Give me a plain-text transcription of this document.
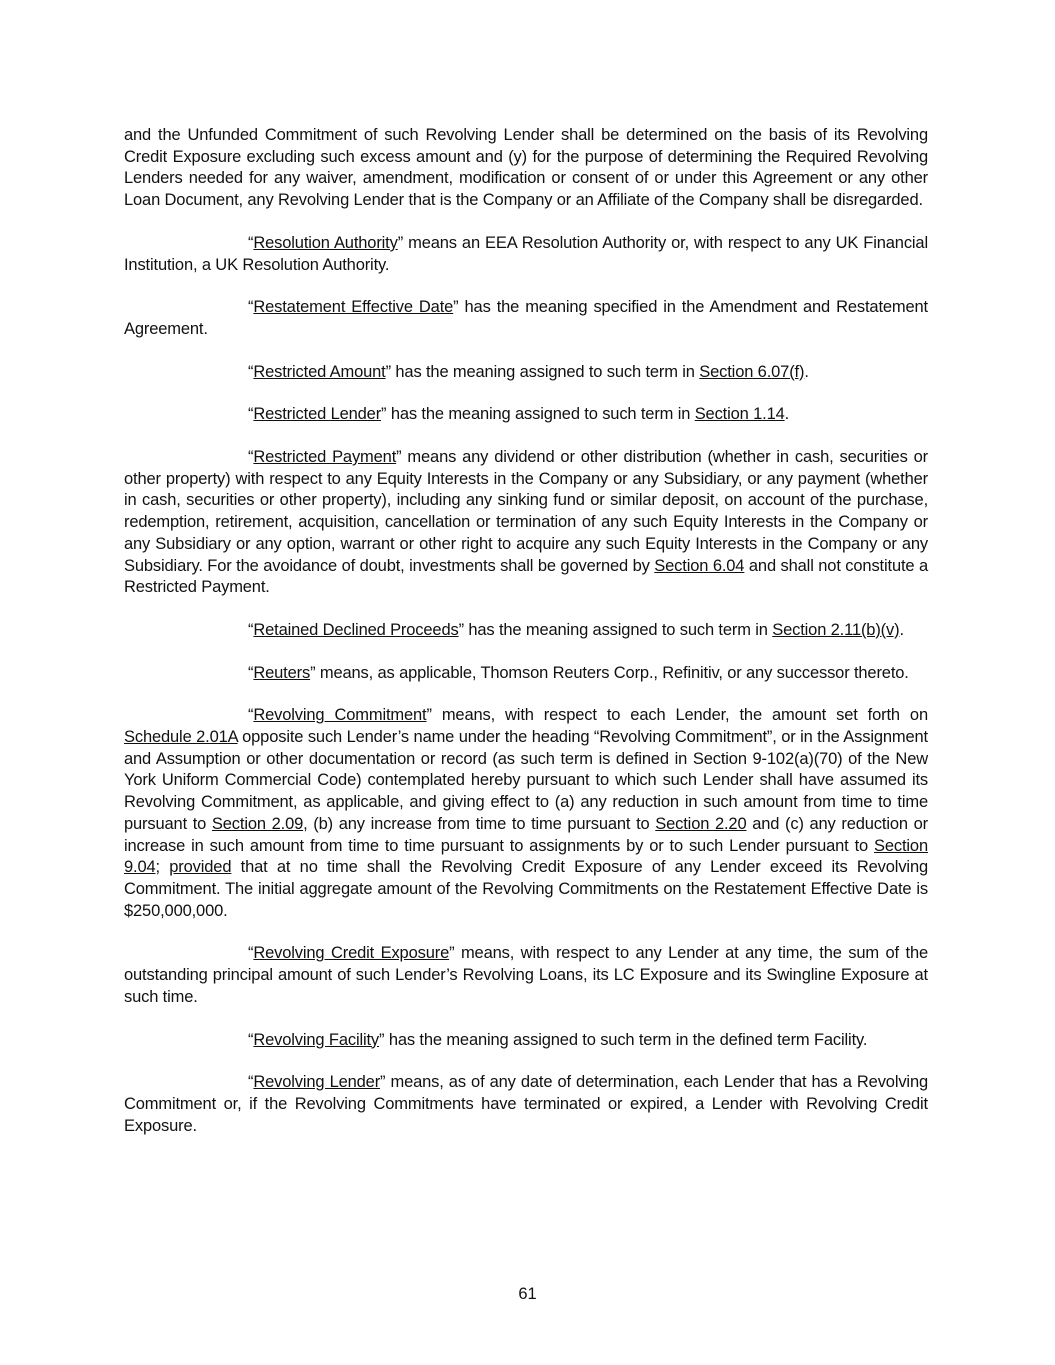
and the Unfunded Commitment of such Revolving Lender shall be determined on the basis of its Revolving Credit Exposure excluding such excess amount and (y) for the purpose of determining the Required Revolving Lenders needed for any waiver, amendment, modification or consent of or under this Agreement or any other Loan Document, any Revolving Lender that is the Company or an Affiliate of the Company shall be disregarded.

“Resolution Authority” means an EEA Resolution Authority or, with respect to any UK Financial Institution, a UK Resolution Authority.

“Restatement Effective Date” has the meaning specified in the Amendment and Restatement Agreement.

“Restricted Amount” has the meaning assigned to such term in Section 6.07(f).

“Restricted Lender” has the meaning assigned to such term in Section 1.14.

“Restricted Payment” means any dividend or other distribution (whether in cash, securities or other property) with respect to any Equity Interests in the Company or any Subsidiary, or any payment (whether in cash, securities or other property), including any sinking fund or similar deposit, on account of the purchase, redemption, retirement, acquisition, cancellation or termination of any such Equity Interests in the Company or any Subsidiary or any option, warrant or other right to acquire any such Equity Interests in the Company or any Subsidiary. For the avoidance of doubt, investments shall be governed by Section 6.04 and shall not constitute a Restricted Payment.

“Retained Declined Proceeds” has the meaning assigned to such term in Section 2.11(b)(v).

“Reuters” means, as applicable, Thomson Reuters Corp., Refinitiv, or any successor thereto.

“Revolving Commitment” means, with respect to each Lender, the amount set forth on Schedule 2.01A opposite such Lender’s name under the heading “Revolving Commitment”, or in the Assignment and Assumption or other documentation or record (as such term is defined in Section 9-102(a)(70) of the New York Uniform Commercial Code) contemplated hereby pursuant to which such Lender shall have assumed its Revolving Commitment, as applicable, and giving effect to (a) any reduction in such amount from time to time pursuant to Section 2.09, (b) any increase from time to time pursuant to Section 2.20 and (c) any reduction or increase in such amount from time to time pursuant to assignments by or to such Lender pursuant to Section 9.04; provided that at no time shall the Revolving Credit Exposure of any Lender exceed its Revolving Commitment. The initial aggregate amount of the Revolving Commitments on the Restatement Effective Date is $250,000,000.

“Revolving Credit Exposure” means, with respect to any Lender at any time, the sum of the outstanding principal amount of such Lender’s Revolving Loans, its LC Exposure and its Swingline Exposure at such time.

“Revolving Facility” has the meaning assigned to such term in the defined term Facility.

“Revolving Lender” means, as of any date of determination, each Lender that has a Revolving Commitment or, if the Revolving Commitments have terminated or expired, a Lender with Revolving Credit Exposure.

61
